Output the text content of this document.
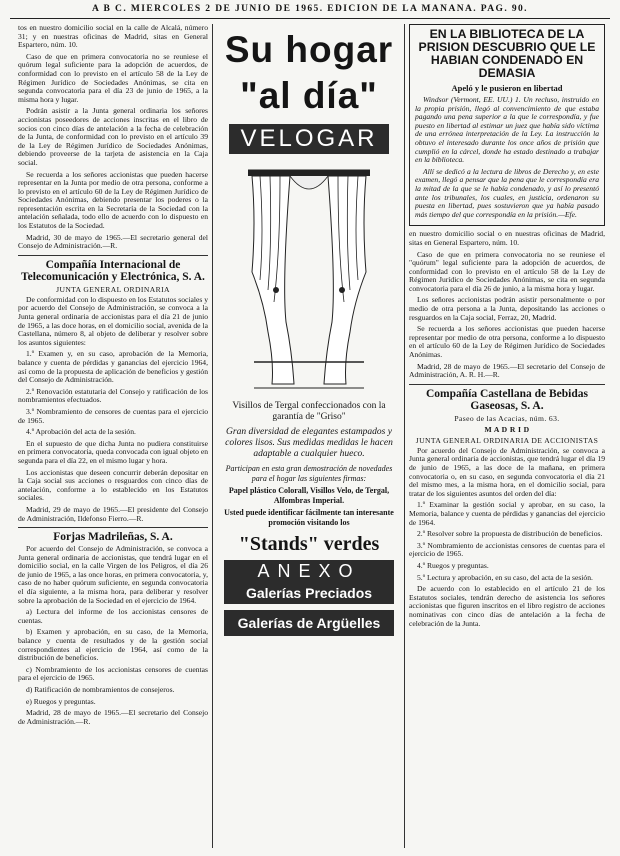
A B C. MIERCOLES 2 DE JUNIO DE 1965. EDICION DE LA MAÑANA. PAG. 90.

tos en nuestro domicilio social en la calle de Alcalá, número 31; y en nuestras oficinas de Madrid, sitas en General Espartero, núm. 10.

Caso de que en primera convocatoria no se reuniese el quórum legal suficiente para la adopción de acuerdos, de conformidad con lo previsto en el artículo 58 de la Ley de Régimen Jurídico de Sociedades Anónimas, se cita en segunda convocatoria para el día 23 de junio de 1965, a la misma hora y lugar.

Podrán asistir a la Junta general ordinaria los señores accionistas poseedores de acciones inscritas en el libro de socios con cinco días de antelación a la fecha de celebración de la Junta, de conformidad con lo previsto en el artículo 39 de la Ley de Régimen Jurídico de Sociedades Anónimas, debiendo proveerse de la tarjeta de asistencia en la Caja social.

Se recuerda a los señores accionistas que pueden hacerse representar en la Junta por medio de otra persona, conforme a lo previsto en el artículo 60 de la Ley de Régimen Jurídico de Sociedades Anónimas, debiendo presentar los poderes o la representación escrita en la Secretaría de la Sociedad con la antelación señalada, todo ello de acuerdo con lo dispuesto en los Estatutos de la Sociedad.

Madrid, 30 de mayo de 1965.—El secretario general del Consejo de Administración.—R.

Compañía Internacional de Telecomunicación y Electrónica, S. A.
JUNTA GENERAL ORDINARIA

De conformidad con lo dispuesto en los Estatutos sociales y por acuerdo del Consejo de Administración, se convoca a la Junta general ordinaria de accionistas para el día 21 de junio de 1965, a las doce horas, en el domicilio social, avenida de la Castellana, número 8, al objeto de deliberar y resolver sobre los asuntos siguientes:

1.º Examen y, en su caso, aprobación de la Memoria, balance y cuenta de pérdidas y ganancias del ejercicio 1964, así como de la propuesta de aplicación de beneficios y gestión del Consejo de Administración.

2.º Renovación estatutaria del Consejo y ratificación de los nombramientos efectuados.

3.º Nombramiento de censores de cuentas para el ejercicio de 1965.

4.º Aprobación del acta de la sesión.

En el supuesto de que dicha Junta no pudiera constituirse en primera convocatoria, queda convocada con igual objeto en segunda para el día 22, en el mismo lugar y hora.

Los accionistas que deseen concurrir deberán depositar en la Caja social sus acciones o resguardos con cinco días de antelación, conforme a lo establecido en los Estatutos sociales.

Madrid, 29 de mayo de 1965.—El presidente del Consejo de Administración, Ildefonso Fierro.—R.

Forjas Madrileñas, S. A.

Por acuerdo del Consejo de Administración, se convoca a Junta general ordinaria de accionistas, que tendrá lugar en el domicilio social, en la calle Virgen de los Peligros, el día 26 de junio de 1965, a las once horas, en primera convocatoria, y, caso de no haber quórum suficiente, en segunda convocatoria el día siguiente, a la misma hora, para deliberar y resolver sobre la aprobación de la Sociedad en el ejercicio de 1964.

a) Lectura del informe de los accionistas censores de cuentas.

b) Examen y aprobación, en su caso, de la Memoria, balance y cuenta de resultados y de la gestión social correspondientes al ejercicio de 1964, así como de la distribución de beneficios.

c) Nombramiento de los accionistas censores de cuentas para el ejercicio de 1965.

d) Ratificación de nombramientos de consejeros.

e) Ruegos y preguntas.

Madrid, 28 de mayo de 1965.—El secretario del Consejo de Administración.—R.

Su hogar
"al día"
VELOGAR
Visillos de Tergal confeccionados con la garantía de "Griso"
Gran diversidad de elegantes estampados y colores lisos. Sus medidas medidas le hacen adaptable a cualquier hueco.
Participan en esta gran demostración de novedades para el hogar las siguientes firmas:
Papel plástico Colorall, Visillos Velo, de Tergal, Alfombras Imperial.
Usted puede identificar fácilmente tan interesante promoción visitando los
"Stands" verdes
ANEXO
Galerías Preciados
Galerías de Argüelles
EN LA BIBLIOTECA DE LA PRISION DESCUBRIO QUE LE HABIAN CONDENADO EN DEMASIA
Apeló y le pusieron en libertad

Windsor (Vermont, EE. UU.) 1. Un recluso, instruido en la propia prisión, llegó al convencimiento de que estaba pagando una pena superior a la que le correspondía, y fue puesto en libertad al estimar un juez que había sido víctima de una errónea interpretación de la Ley. La instrucción la obtuvo el interesado durante los once años de prisión que cumplió en la cárcel, donde ha estado destinado a trabajar en la biblioteca.

Allí se dedicó a la lectura de libros de Derecho y, en este examen, llegó a pensar que la pena que le correspondía era la mitad de la que se le había condenado, y así lo presentó ante los tribunales, los cuales, en justicia, ordenaron su puesta en libertad, pues sostuvieron que ya había pasado más tiempo del que correspondía en la prisión.—Efe.

en nuestro domicilio social o en nuestras oficinas de Madrid, sitas en General Espartero, núm. 10.

Caso de que en primera convocatoria no se reuniese el "quórum" legal suficiente para la adopción de acuerdos, de conformidad con lo previsto en el artículo 58 de la Ley de Régimen Jurídico de Sociedades Anónimas, se cita en segunda convocatoria para el día 26 de junio, a la misma hora y lugar.

Los señores accionistas podrán asistir personalmente o por medio de otra persona a la Junta, depositando las acciones o resguardos en la Caja social, Ferraz, 20, Madrid.

Se recuerda a los señores accionistas que pueden hacerse representar por medio de otra persona, conforme a lo dispuesto en el artículo 60 de la Ley de Régimen Jurídico de Sociedades Anónimas.

Madrid, 28 de mayo de 1965.—El secretario del Consejo de Administración, A. R. H.—R.

Compañía Castellana de Bebidas Gaseosas, S. A.
Paseo de las Acacias, núm. 63.
M A D R I D
JUNTA GENERAL ORDINARIA DE ACCIONISTAS

Por acuerdo del Consejo de Administración, se convoca a Junta general ordinaria de accionistas, que tendrá lugar el día 19 de junio de 1965, a las doce de la mañana, en primera convocatoria o, en su caso, en segunda convocatoria el día 21 del mismo mes, a la misma hora, en el domicilio social, para tratar de los siguientes asuntos del orden del día:

1.º Examinar la gestión social y aprobar, en su caso, la Memoria, balance y cuenta de pérdidas y ganancias del ejercicio de 1964.

2.º Resolver sobre la propuesta de distribución de beneficios.

3.º Nombramiento de accionistas censores de cuentas para el ejercicio de 1965.

4.º Ruegos y preguntas.

5.º Lectura y aprobación, en su caso, del acta de la sesión.

De acuerdo con lo establecido en el artículo 21 de los Estatutos sociales, tendrán derecho de asistencia los señores accionistas que figuren inscritos en el libro registro de acciones nominativas con cinco días de antelación a la fecha de celebración de la Junta.
